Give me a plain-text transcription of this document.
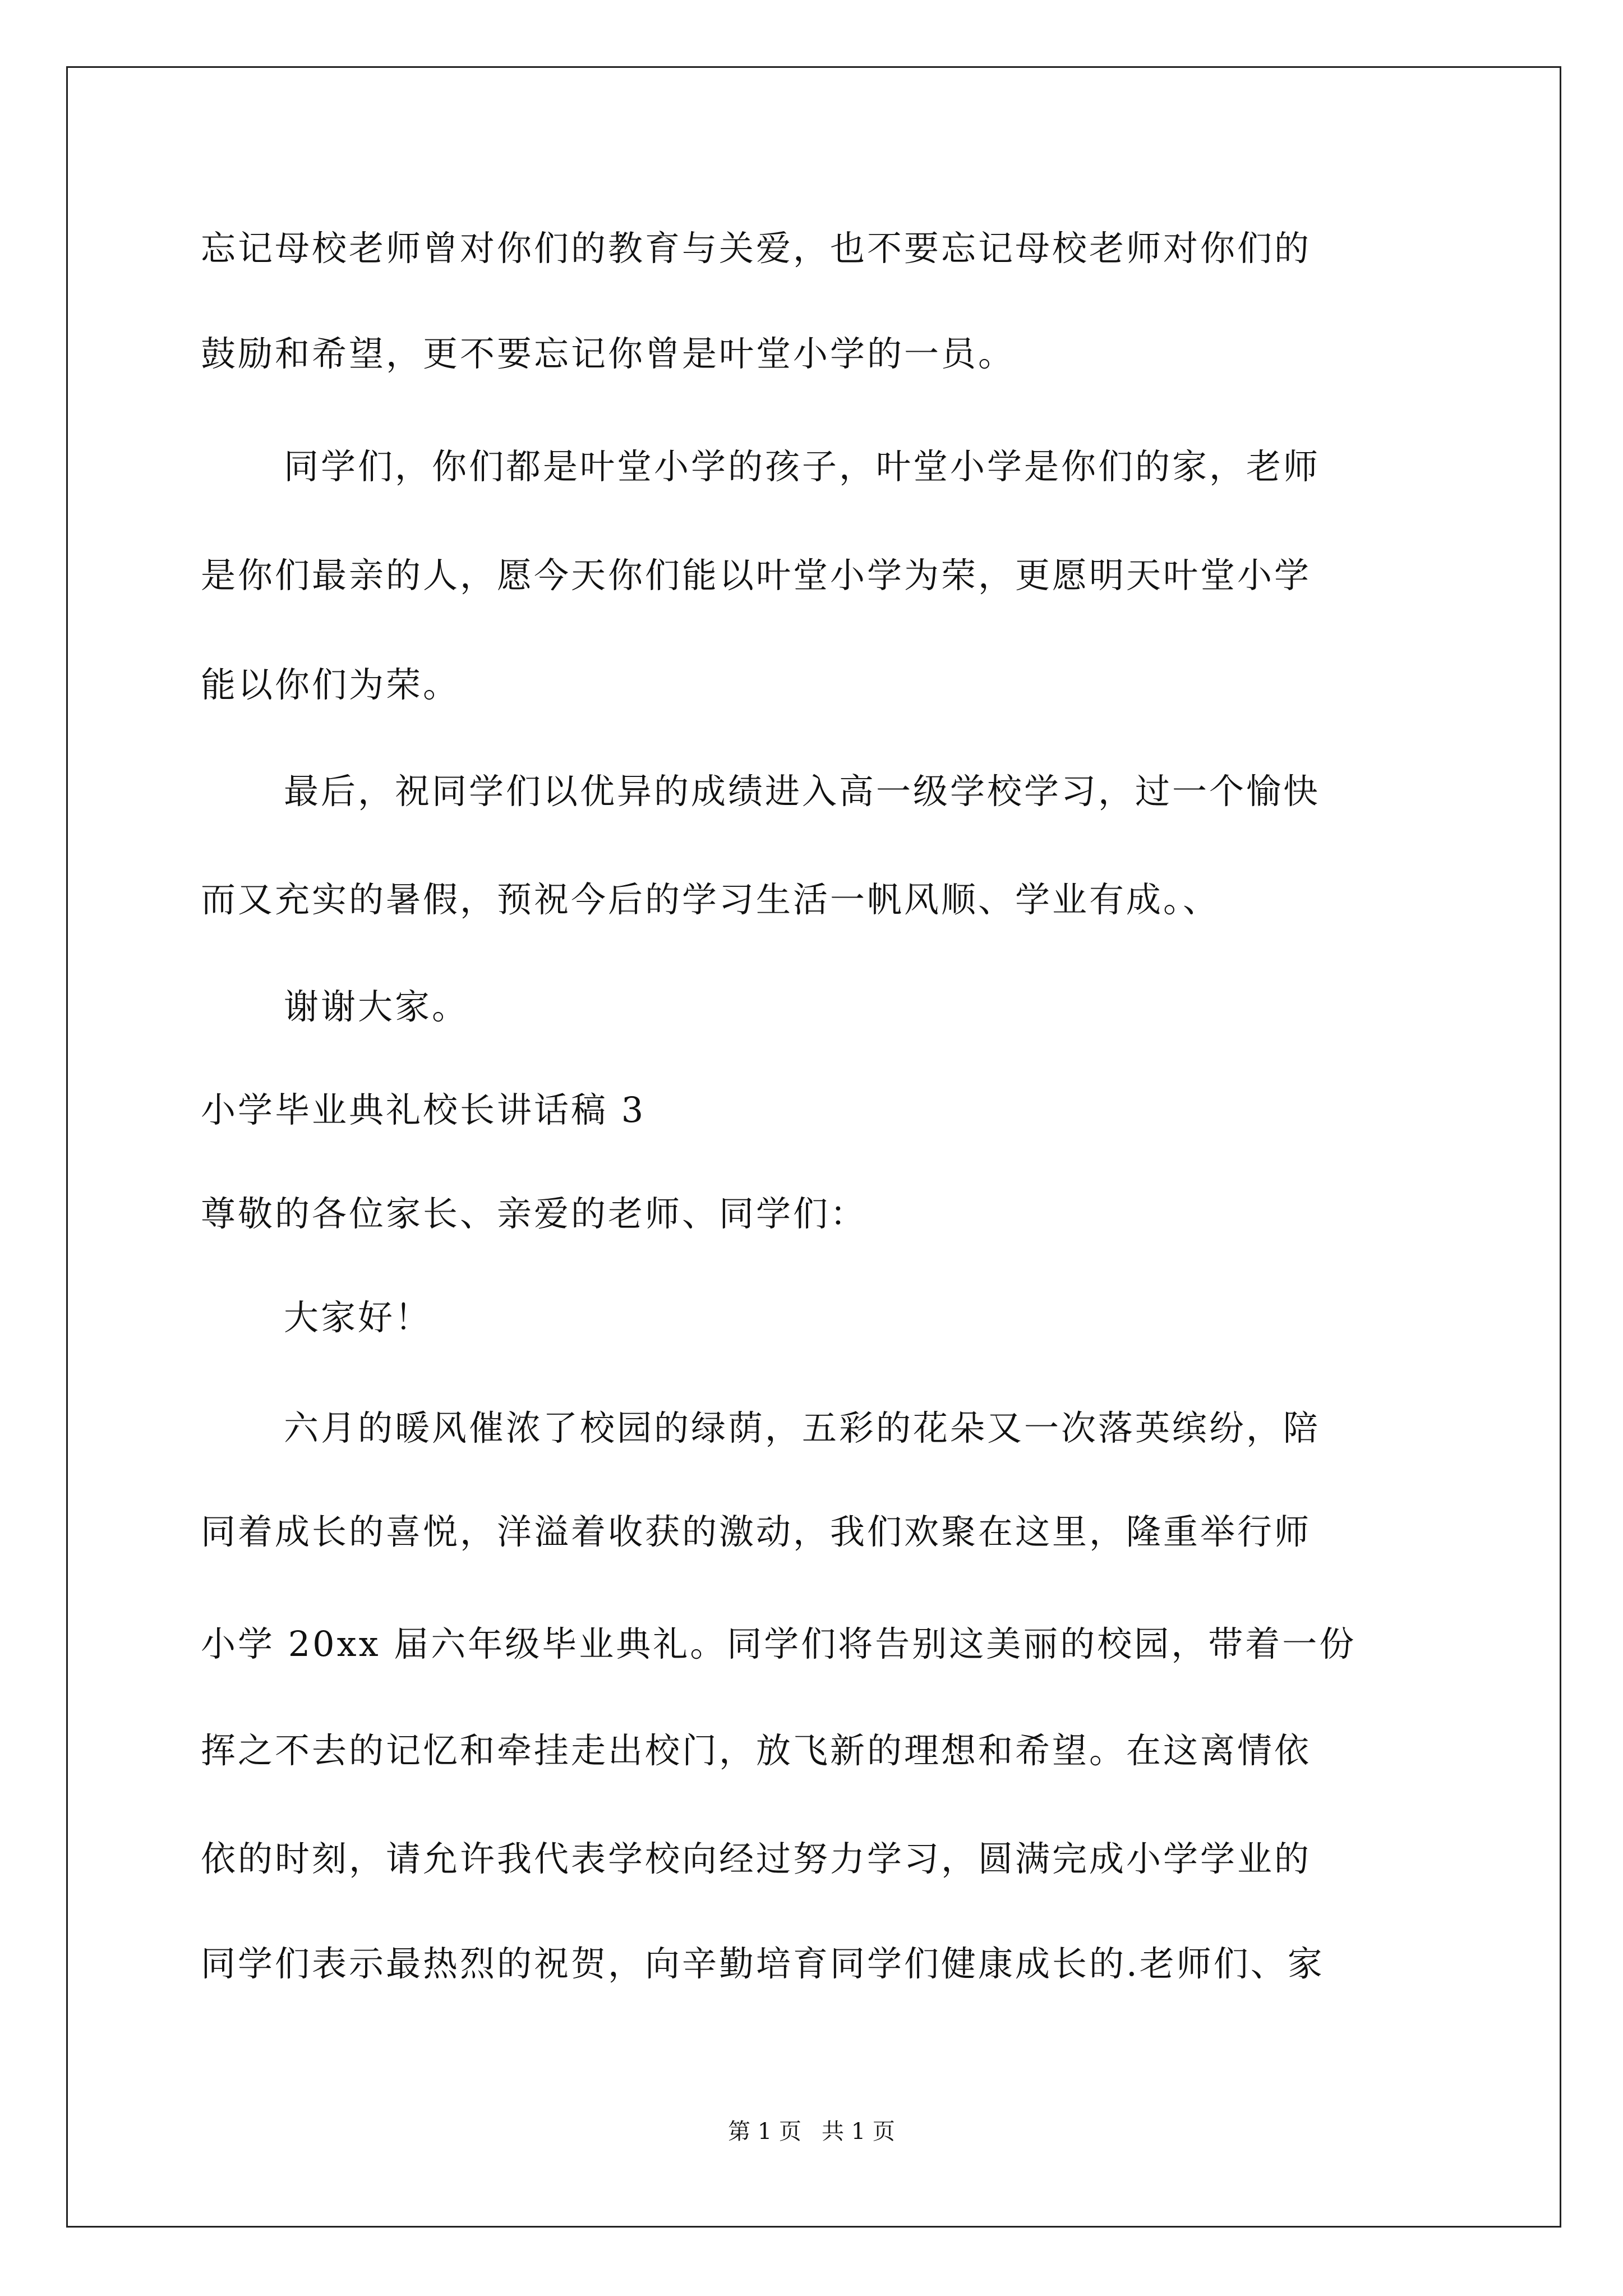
忘记母校老师曾对你们的教育与关爱，也不要忘记母校老师对你们的
鼓励和希望，更不要忘记你曾是叶堂小学的一员。
同学们，你们都是叶堂小学的孩子，叶堂小学是你们的家，老师
是你们最亲的人，愿今天你们能以叶堂小学为荣，更愿明天叶堂小学
能以你们为荣。
最后，祝同学们以优异的成绩进入高一级学校学习，过一个愉快
而又充实的暑假，预祝今后的学习生活一帆风顺、学业有成。、
谢谢大家。
小学毕业典礼校长讲话稿 3
尊敬的各位家长、亲爱的老师、同学们：
大家好！
六月的暖风催浓了校园的绿荫，五彩的花朵又一次落英缤纷，陪
同着成长的喜悦，洋溢着收获的激动，我们欢聚在这里，隆重举行师
小学 20xx 届六年级毕业典礼。同学们将告别这美丽的校园，带着一份
挥之不去的记忆和牵挂走出校门，放飞新的理想和希望。在这离情依
依的时刻，请允许我代表学校向经过努力学习，圆满完成小学学业的
同学们表示最热烈的祝贺，向辛勤培育同学们健康成长的.老师们、家
第 1 页 共 1 页
